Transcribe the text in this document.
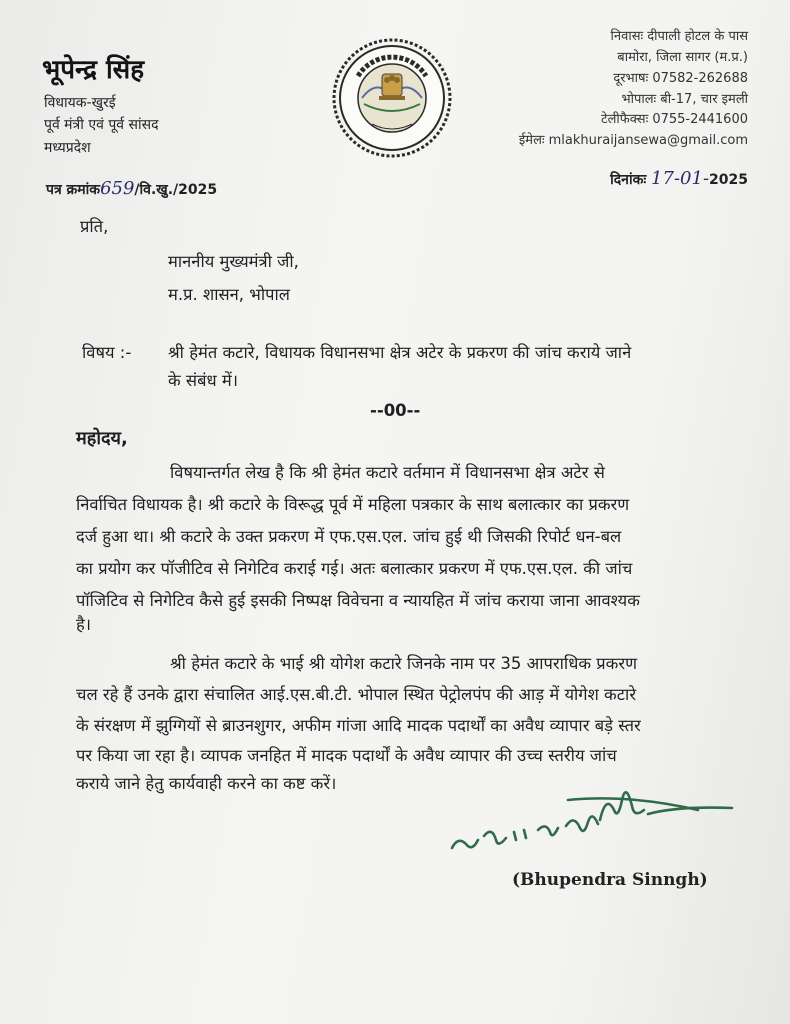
भूपेन्द्र सिंह
विधायक-खुरई
पूर्व मंत्री एवं पूर्व सांसद
मध्यप्रदेश
निवासः दीपाली होटल के पास
बामोरा, जिला सागर (म.प्र.)
दूरभाषः 07582-262688
भोपालः बी-17, चार इमली
टेलीफैक्सः 0755-2441600
ईमेलः mlakhuraijansewa@gmail.com
पत्र क्रमांक659/वि.खु./2025
दिनांकः 17-01-2025
प्रति,
माननीय मुख्यमंत्री जी,
म.प्र. शासन, भोपाल
विषय :- श्री हेमंत कटारे, विधायक विधानसभा क्षेत्र अटेर के प्रकरण की जांच कराये जाने
के संबंध में।
--00--
महोदय,
विषयान्तर्गत लेख है कि श्री हेमंत कटारे वर्तमान में विधानसभा क्षेत्र अटेर से
निर्वाचित विधायक है। श्री कटारे के विरूद्ध पूर्व में महिला पत्रकार के साथ बलात्कार का प्रकरण
दर्ज हुआ था। श्री कटारे के उक्त प्रकरण में एफ.एस.एल. जांच हुई थी जिसकी रिपोर्ट धन-बल
का प्रयोग कर पॉजीटिव से निगेटिव कराई गई। अतः बलात्कार प्रकरण में एफ.एस.एल. की जांच
पॉजिटिव से निगेटिव कैसे हुई इसकी निष्पक्ष विवेचना व न्यायहित में जांच कराया जाना आवश्यक
है।
श्री हेमंत कटारे के भाई श्री योगेश कटारे जिनके नाम पर 35 आपराधिक प्रकरण
चल रहे हैं उनके द्वारा संचालित आई.एस.बी.टी. भोपाल स्थित पेट्रोलपंप की आड़ में योगेश कटारे
के संरक्षण में झुग्गियों से ब्राउनशुगर, अफीम गांजा आदि मादक पदार्थों का अवैध व्यापार बड़े स्तर
पर किया जा रहा है। व्यापक जनहित में मादक पदार्थों के अवैध व्यापार की उच्च स्तरीय जांच
कराये जाने हेतु कार्यवाही करने का कष्ट करें।
(Bhupendra Sinngh)
